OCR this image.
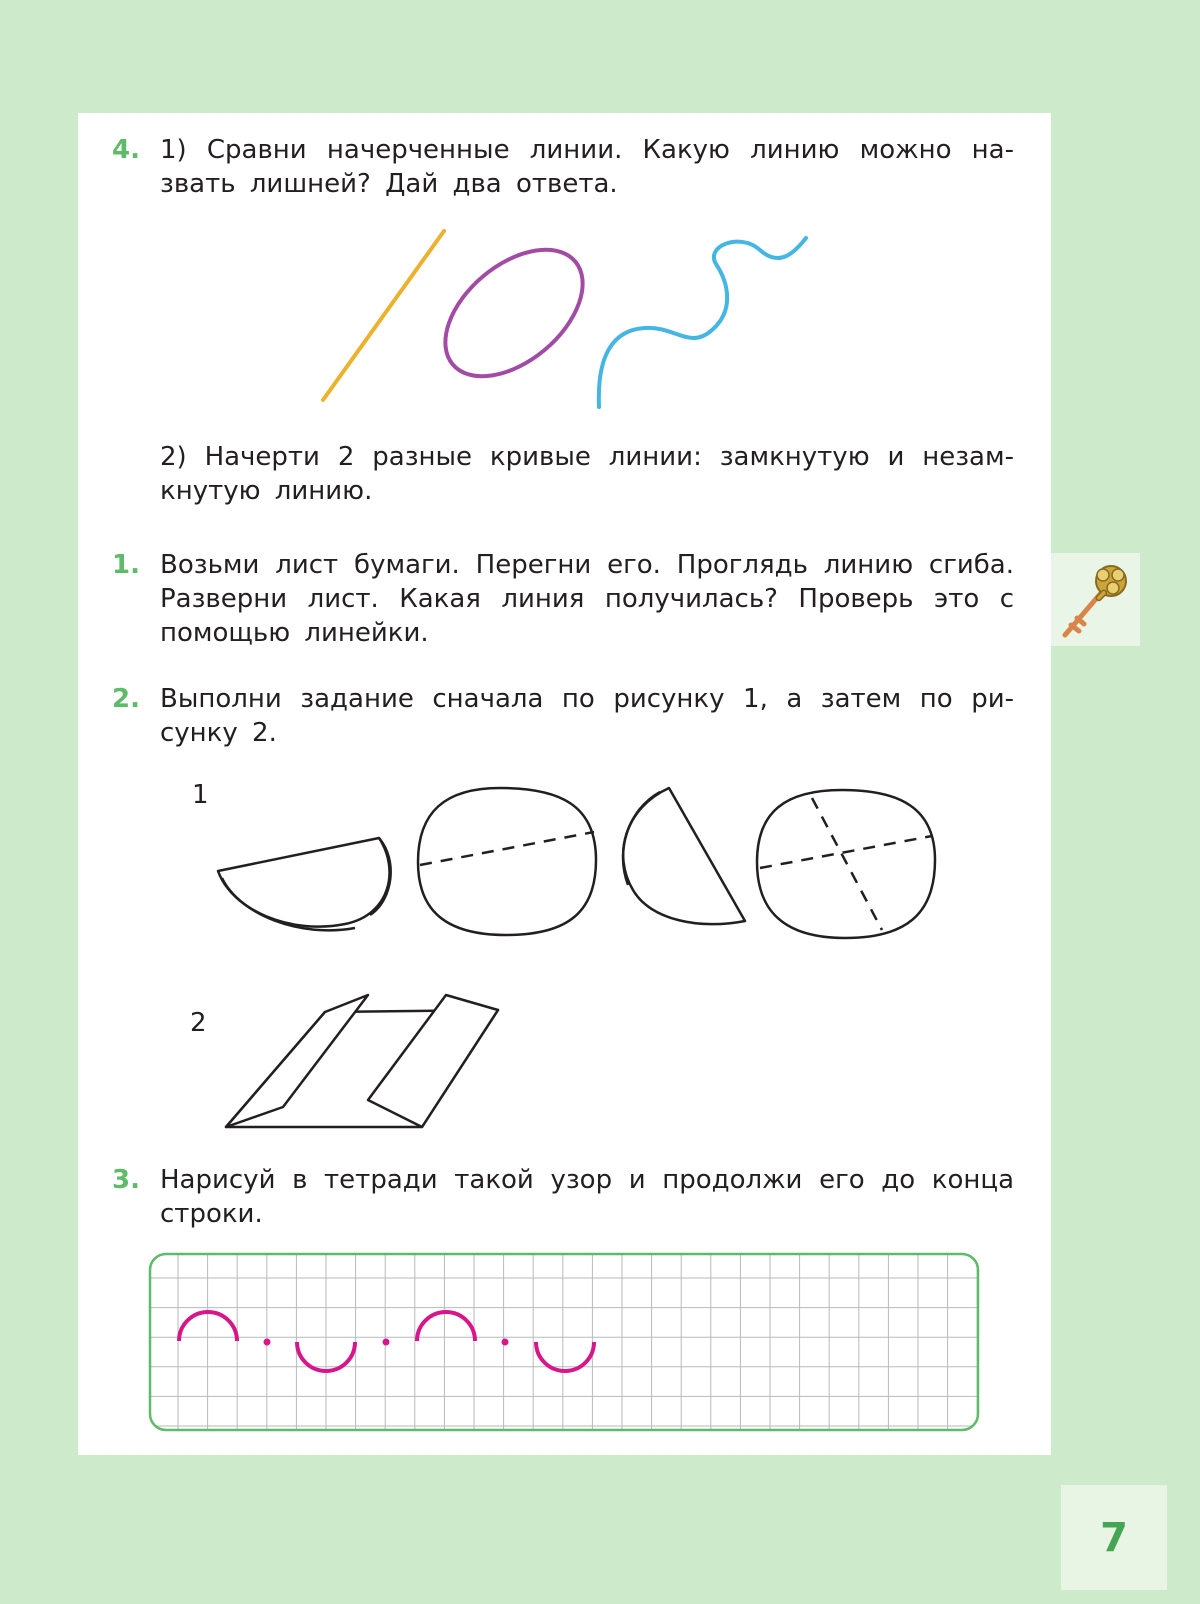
4. 1) Сравни начерченные линии. Какую линию можно на-
звать лишней? Дай два ответа.
2) Начерти 2 разные кривые линии: замкнутую и незам-
кнутую линию.
1. Возьми лист бумаги. Перегни его. Проглядь линию сгиба.
Разверни лист. Какая линия получилась? Проверь это с
помощью линейки.
2. Выполни задание сначала по рисунку 1, а затем по ри-
сунку 2.
1
2
3. Нарисуй в тетради такой узор и продолжи его до конца
строки.
7
